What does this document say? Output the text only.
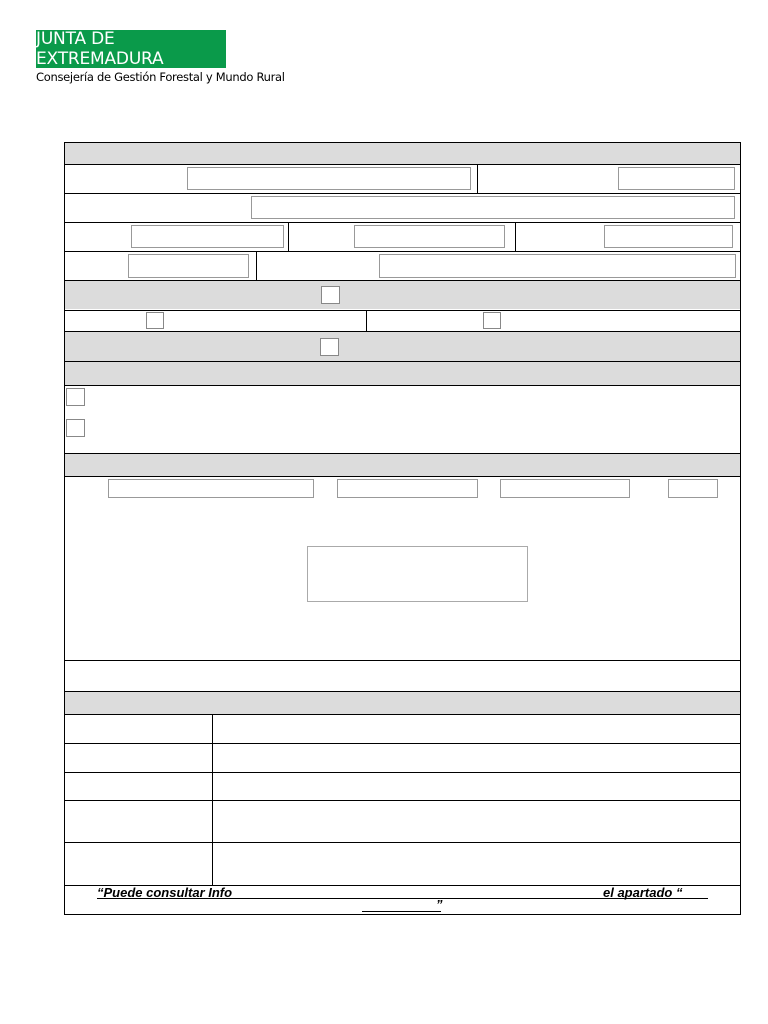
JUNTA DE EXTREMADURA
Consejería de Gestión Forestal y Mundo Rural
“Puede consultar Info	el apartado “
”
